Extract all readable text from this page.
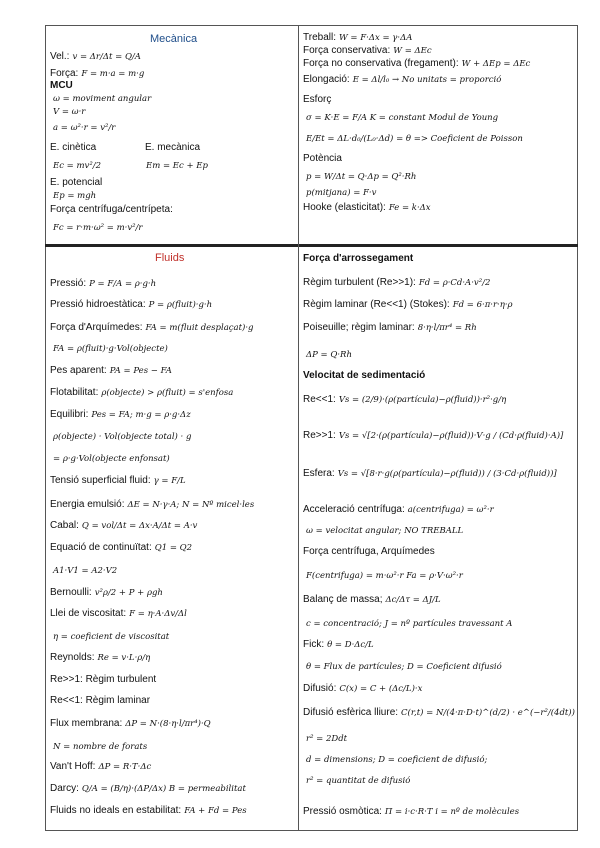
Mecànica
Vel.: v = Δr/Δt = Q/A
Força: F = m·a = m·g
MCU
ω = moviment angular
V = ω·r
a = ω²·r = v²/r
E. cinètica	E. mecànica
Ec = mv²/2	Em = Ec + Ep
E. potencial
Ep = mgh
Força centrífuga/centrípeta:
Fc = r·m·ω² = m·v²/r
Treball: W = F·Δx = γ·ΔA
Força conservativa: W = ΔEc
Força no conservativa (fregament): W + ΔEp = ΔEc
Elongació: E = Δl/l₀ → No unitats = proporció
Esforç
σ = K·E = F/A K = constant Modul de Young
E/Et = ΔL·d₀/(L₀·Δd) = θ => Coeficient de Poisson
Potència
p = W/Δt = Q·Δp = Q²·Rh
p(mitjana) = F·v
Hooke (elasticitat): Fe = k·Δx
Fluids
Pressió: P = F/A = ρ·g·h
Pressió hidroestàtica: P = ρ(fluit)·g·h
Força d'Arquímedes: FA = m(fluit desplaçat)·g
FA = ρ(fluit)·g·Vol(objecte)
Pes aparent: PA = Pes − FA
Flotabilitat: ρ(objecte) > ρ(fluit) = s'enfosa
Equilibri: Pes = FA; m·g = ρ·g·Δz
ρ(objecte) · Vol(objecte total) · g
= ρ·g·Vol(objecte enfonsat)
Tensió superficial fluid: γ = F/L
Energia emulsió: ΔE = N·γ·A; N = Nº micel·les
Cabal: Q = vol/Δt = Δx·A/Δt = A·v
Equació de continuïtat: Q1 = Q2
A1·V1 = A2·V2
Bernoulli: v²ρ/2 + P + ρgh
Llei de viscositat: F = η·A·Δv/Δl
η = coeficient de viscositat
Reynolds: Re = v·L·ρ/η
Re>>1: Règim turbulent
Re<<1: Règim laminar
Flux membrana: ΔP = N·(8·η·l/πr⁴)·Q
N = nombre de forats
Van't Hoff: ΔP = R·T·Δc
Darcy: Q/A = (B/η)·(ΔP/Δx) B = permeabilitat
Fluids no ideals en estabilitat: FA + Fd = Pes
Força d'arrossegament
Règim turbulent (Re>>1): Fd = ρ·Cd·A·v²/2
Règim laminar (Re<<1) (Stokes): Fd = 6·π·r·η·ρ
Poiseuille; règim laminar: 8·η·l/πr⁴ = Rh
ΔP = Q·Rh
Velocitat de sedimentació
Re<<1: Vs = (2/9)·(ρ(partícula)−ρ(fluid))·r²·g/η
Re>>1: Vs = √[2·(ρ(partícula)−ρ(fluid))·V·g / (Cd·ρ(fluid)·A)]
Esfera: Vs = √[8·r·g(ρ(partícula)−ρ(fluid)) / (3·Cd·ρ(fluid))]
Acceleració centrífuga: a(centrifuga) = ω²·r
ω = velocitat angular; NO TREBALL
Força centrífuga, Arquímedes
F(centrifuga) = m·ω²·r Fa = ρ·V·ω²·r
Balanç de massa; Δc/Δτ = ΔJ/L
c = concentració; J = nº partícules travessant A
Fick: θ = D·Δc/L
θ = Flux de partícules; D = Coeficient difusió
Difusió: C(x) = C + (Δc/L)·x
Difusió esfèrica lliure: C(r,t) = N/(4·π·D·t)^(d/2) · e^(−r²/(4dt))
r² = 2Ddt
d = dimensions; D = coeficient de difusió;
r² = quantitat de difusió
Pressió osmòtica: Π = i·c·R·T i = nº de molècules
